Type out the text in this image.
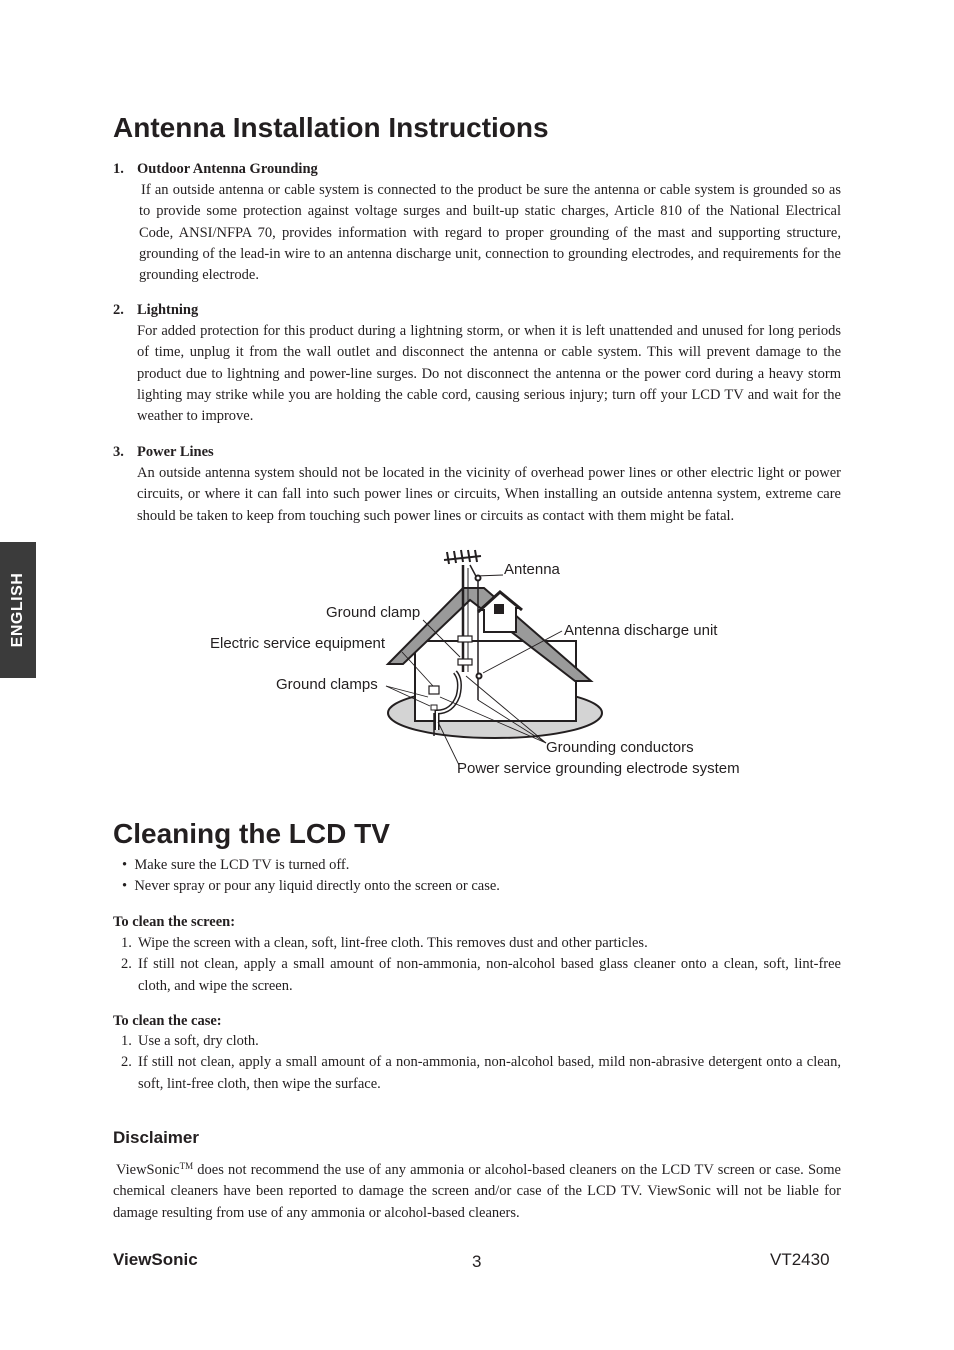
ENGLISH
Antenna Installation Instructions
1. Outdoor Antenna Grounding
If an outside antenna or cable system is connected to the product be sure the antenna or cable system is grounded so as to provide some protection against voltage surges and built-up static charges, Article 810 of the National Electrical Code, ANSI/NFPA 70, provides information with regard to proper grounding of the mast and supporting structure, grounding of the lead-in wire to an antenna discharge unit, connection to grounding electrodes, and requirements for the grounding electrode.
2. Lightning
For added protection for this product during a lightning storm, or when it is left unattended and unused for long periods of time, unplug it from the wall outlet and disconnect the antenna or cable system. This will prevent damage to the product due to lightning and power-line surges. Do not disconnect the antenna or the power cord during a heavy storm lighting may strike while you are holding the cable cord, causing serious injury; turn off your LCD TV and wait for the weather to improve.
3. Power Lines
An outside antenna system should not be located in the vicinity of overhead power lines or other electric light or power circuits, or where it can fall into such power lines or circuits, When installing an outside antenna system, extreme care should be taken to keep from touching such power lines or circuits as contact with them might be fatal.
Antenna
Ground clamp
Antenna discharge unit
Electric service equipment
Ground clamps
Grounding conductors
Power service grounding electrode system
Cleaning the LCD TV
•  Make sure the LCD TV is turned off.
•  Never spray or pour any liquid directly onto the screen or case.
To clean the screen:
1. Wipe the screen with a clean, soft, lint-free cloth. This removes dust and other particles.
2. If still not clean, apply a small amount of non-ammonia, non-alcohol based glass cleaner onto a clean, soft, lint-free cloth, and wipe the screen.
To clean the case:
1. Use a soft, dry cloth.
2. If still not clean, apply a small amount of a non-ammonia, non-alcohol based, mild non-abrasive detergent onto a clean, soft, lint-free cloth, then wipe the surface.
Disclaimer
ViewSonic™ does not recommend the use of any ammonia or alcohol-based cleaners on the LCD TV screen or case. Some chemical cleaners have been reported to damage the screen and/or case of the LCD TV. ViewSonic will not be liable for damage resulting from use of any ammonia or alcohol-based cleaners.
ViewSonic	3	VT2430
